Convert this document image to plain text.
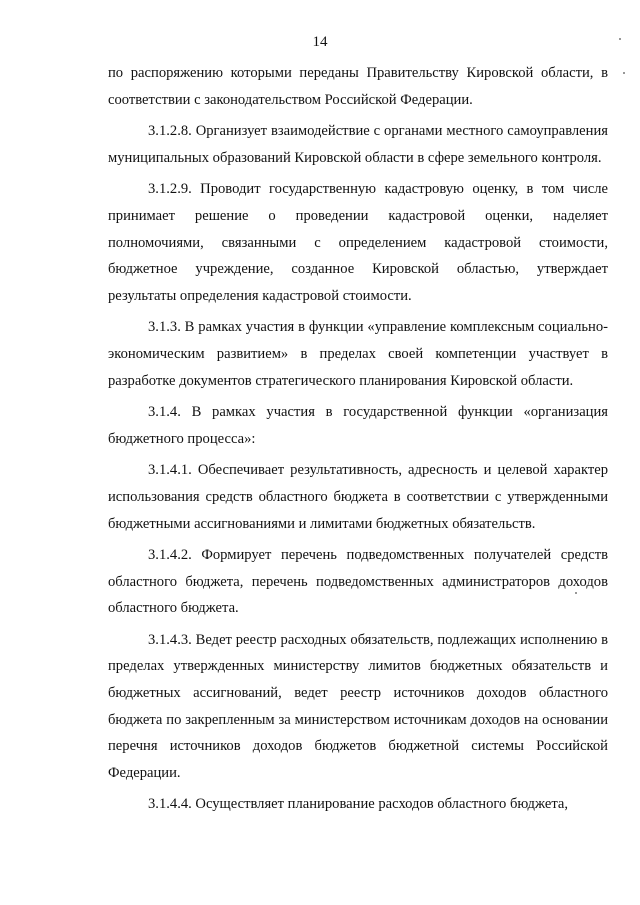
14

по распоряжению которыми переданы Правительству Кировской области, в соответствии с законодательством Российской Федерации.

3.1.2.8. Организует взаимодействие с органами местного самоуправления муниципальных образований Кировской области в сфере земельного контроля.

3.1.2.9. Проводит государственную кадастровую оценку, в том числе принимает решение о проведении кадастровой оценки, наделяет полномочиями, связанными с определением кадастровой стоимости, бюджетное учреждение, созданное Кировской областью, утверждает результаты определения кадастровой стоимости.

3.1.3. В рамках участия в функции «управление комплексным социально-экономическим развитием» в пределах своей компетенции участвует в разработке документов стратегического планирования Кировской области.

3.1.4. В рамках участия в государственной функции «организация бюджетного процесса»:

3.1.4.1. Обеспечивает результативность, адресность и целевой характер использования средств областного бюджета в соответствии с утвержденными бюджетными ассигнованиями и лимитами бюджетных обязательств.

3.1.4.2. Формирует перечень подведомственных получателей средств областного бюджета, перечень подведомственных администраторов доходов областного бюджета.

3.1.4.3. Ведет реестр расходных обязательств, подлежащих исполнению в пределах утвержденных министерству лимитов бюджетных обязательств и бюджетных ассигнований, ведет реестр источников доходов областного бюджета по закрепленным за министерством источникам доходов на основании перечня источников доходов бюджетов бюджетной системы Российской Федерации.

3.1.4.4. Осуществляет планирование расходов областного бюджета,
